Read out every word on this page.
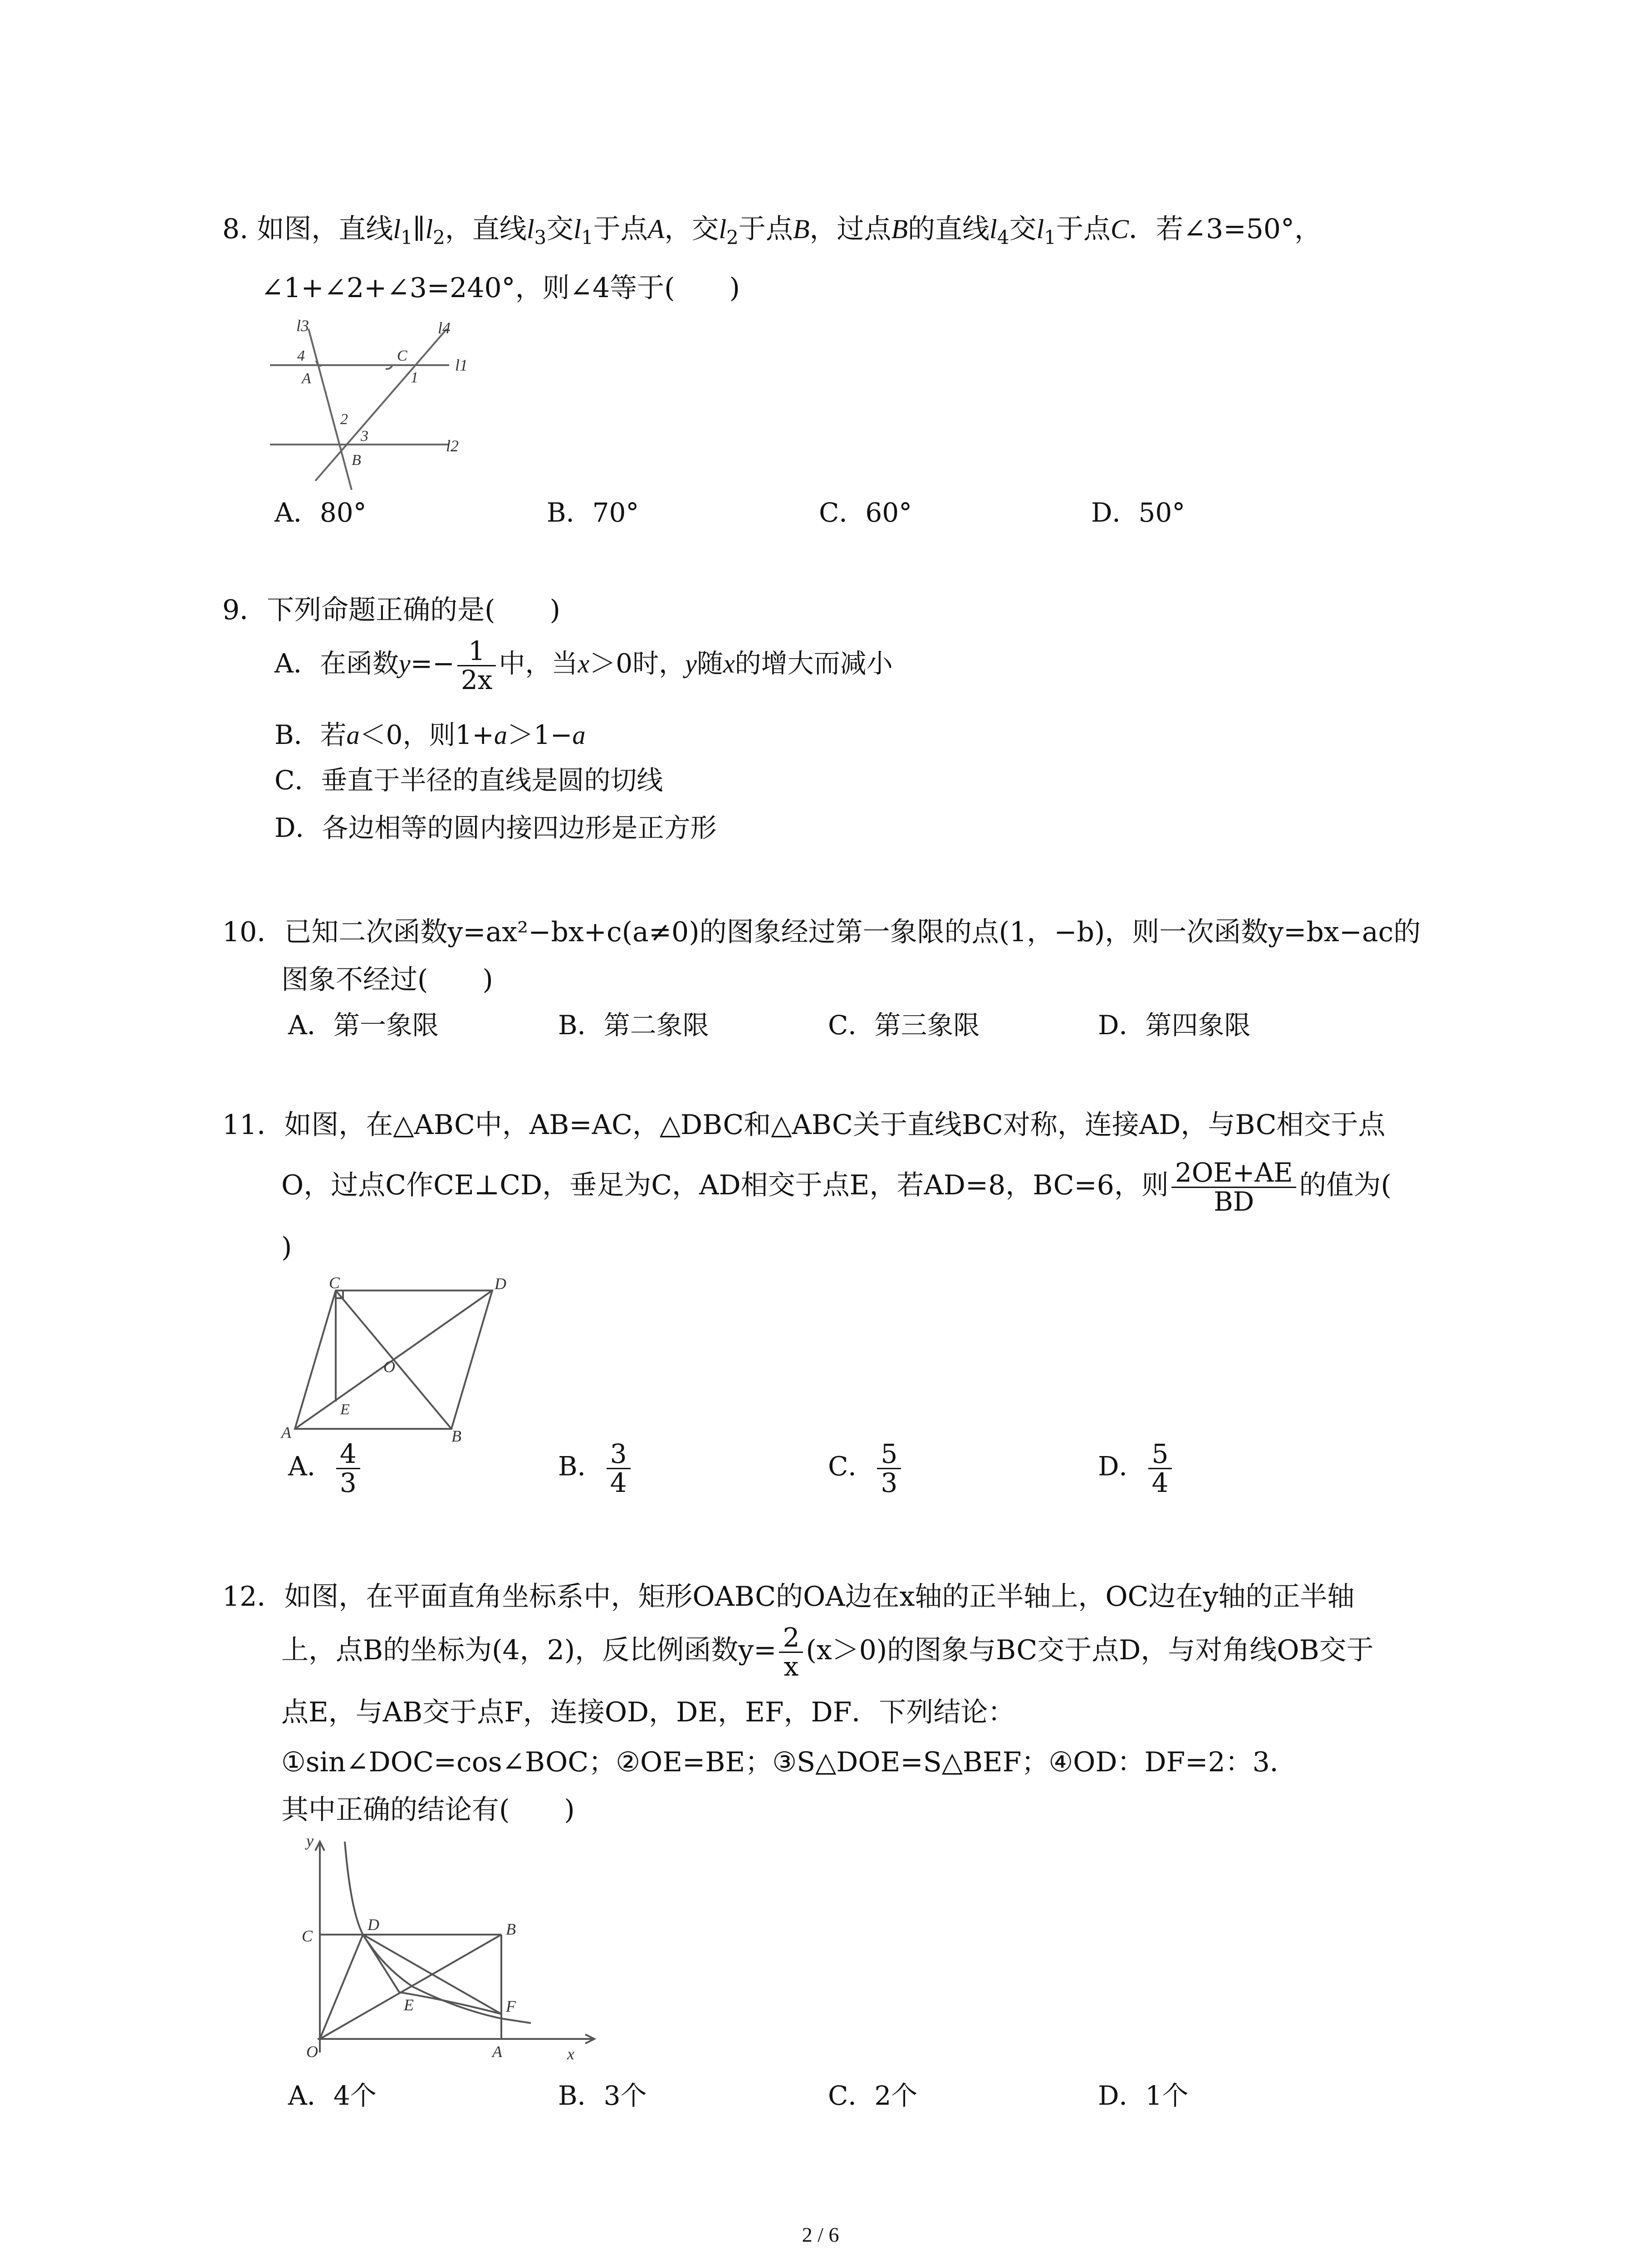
8. 如图，直线$l_1\parallel l_2$，直线$l_3$交$l_1$于点A，交$l_2$于点B，过点B的直线$l_4$交$l_1$于点C．若∠3=50°，
∠1+∠2+∠3=240°，则∠4等于(　　)
l3	l4
l1
l2
4
A
C
1
2
3
B
A．80°	B．70°	C．60°	D．50°
9．下列命题正确的是(　　)
A．在函数$y=- \frac{1}{2x}$ 中，当x＞0时，y随x的增大而减小
B．若a＜0，则1+a＞1−a
C．垂直于半径的直线是圆的切线
D．各边相等的圆内接四边形是正方形
10．已知二次函数y=ax²−bx+c(a≠0)的图象经过第一象限的点(1，−b)，则一次函数y=bx−ac的
图象不经过(　　)
A．第一象限	B．第二象限	C．第三象限	D．第四象限
11．如图，在△ABC中，AB=AC，△DBC和△ABC关于直线BC对称，连接AD，与BC相交于点
O，过点C作CE⊥CD，垂足为C，AD相交于点E，若AD=8，BC=6，则 $\frac{2OE+AE}{BD}$ 的值为(
)
C	D
O
E
A	B
A． $\frac{4}{3}$	B． $\frac{3}{4}$	C． $\frac{5}{3}$	D． $\frac{5}{4}$
12．如图，在平面直角坐标系中，矩形OABC的OA边在x轴的正半轴上，OC边在y轴的正半轴
上，点B的坐标为(4，2)，反比例函数$y= \frac{2}{x} (x>0)$的图象与BC交于点D，与对角线OB交于
点E，与AB交于点F，连接OD，DE，EF，DF．下列结论：
①sin∠DOC=cos∠BOC；②OE=BE；③S△DOE=S△BEF；④OD：DF=2：3．
其中正确的结论有(　　)
y
C
D	B
E	F
O	A	x
A．4个	B．3个	C．2个	D．1个
2 / 6
